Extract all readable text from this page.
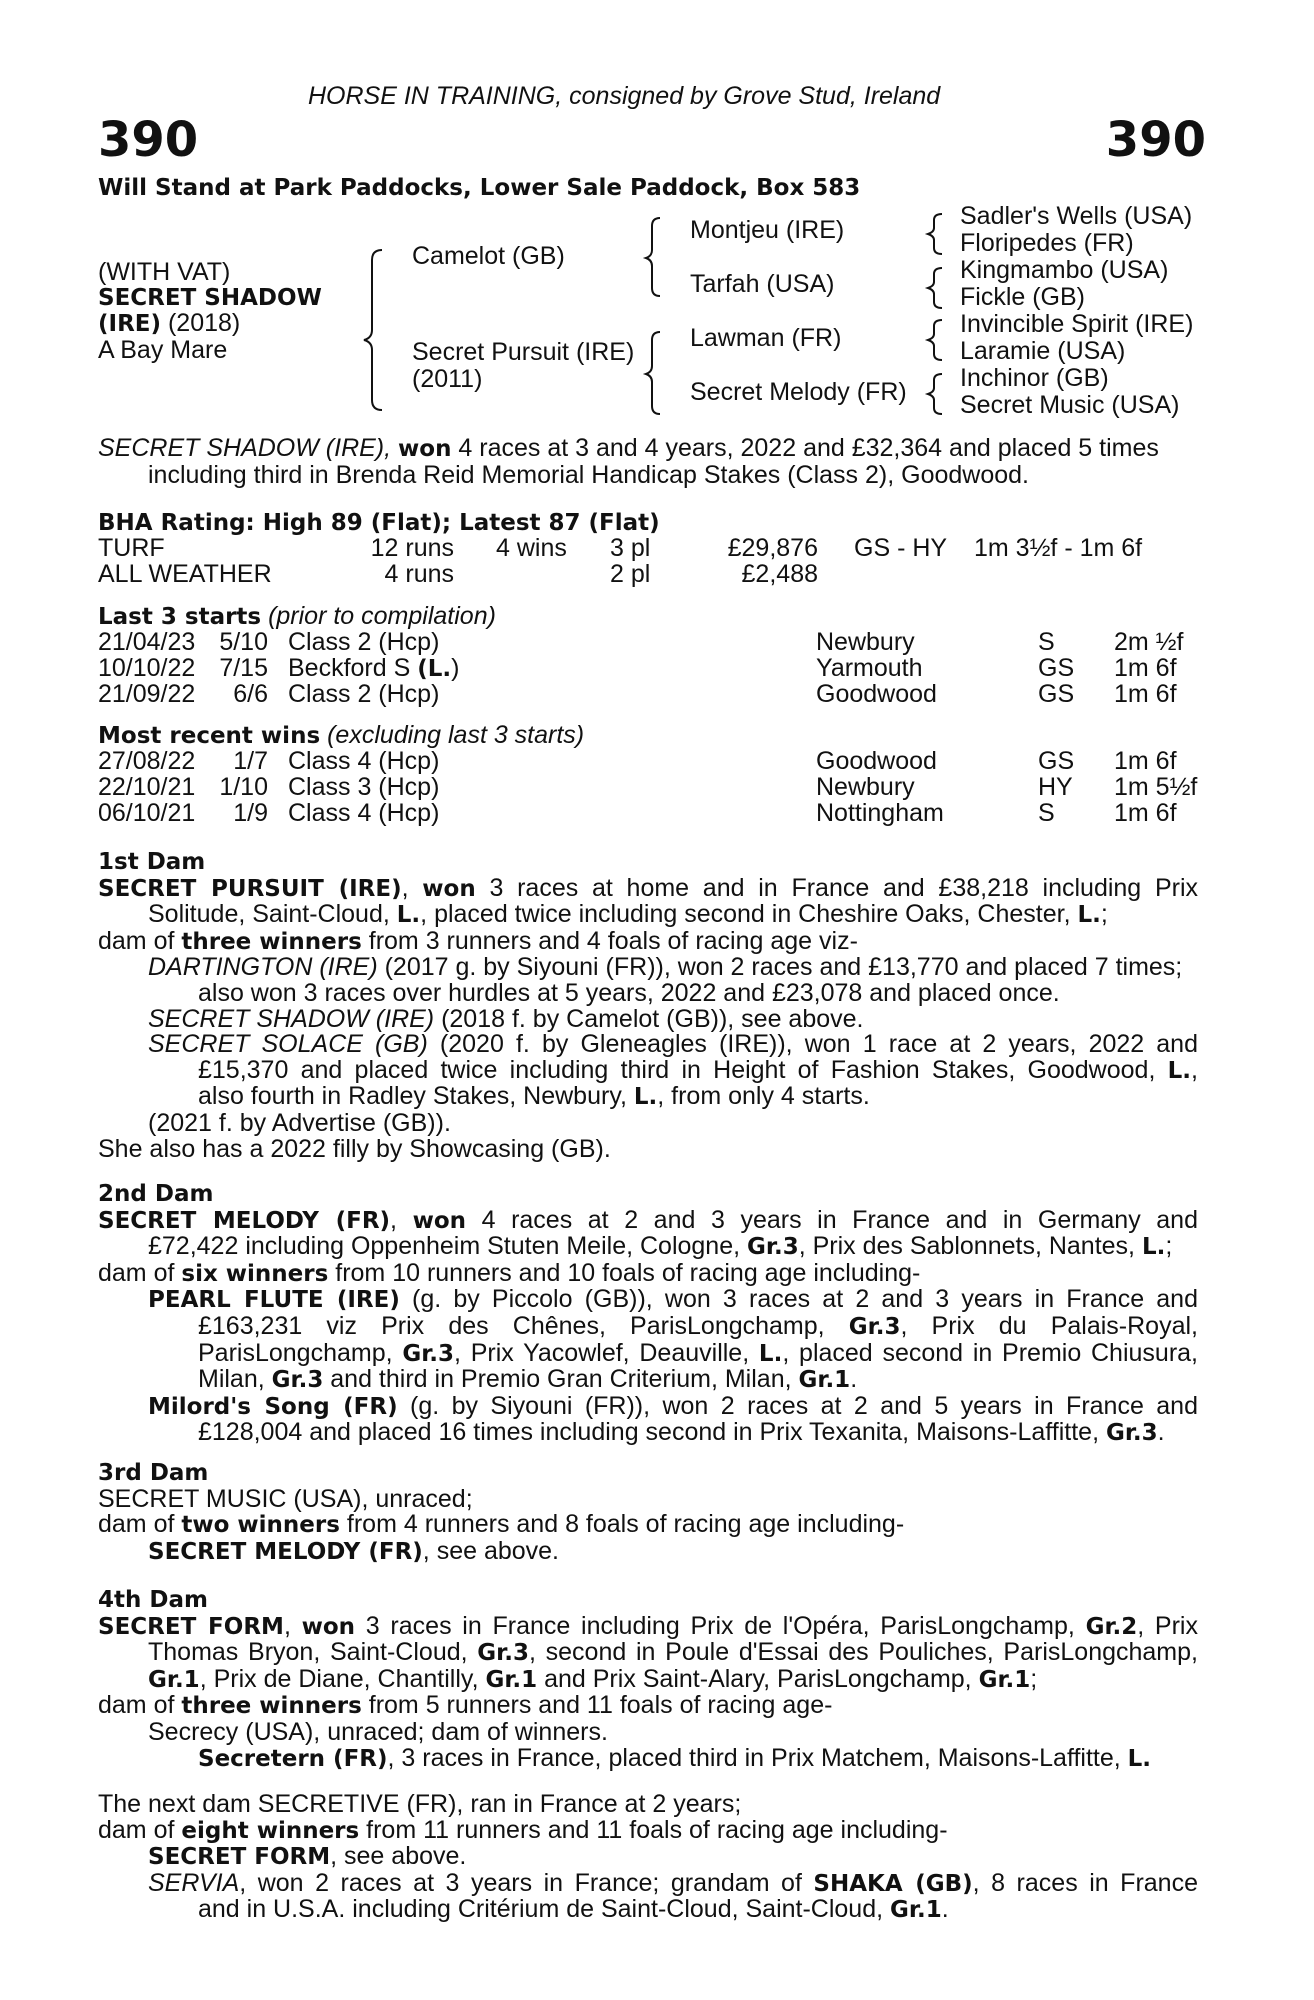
HORSE IN TRAINING, consigned by Grove Stud, Ireland
390	390
Will Stand at Park Paddocks, Lower Sale Paddock, Box 583
(WITH VAT)
SECRET SHADOW
(IRE) (2018)
A Bay Mare
Camelot (GB)
Secret Pursuit (IRE)
(2011)
Montjeu (IRE)
Tarfah (USA)
Lawman (FR)
Secret Melody (FR)
Sadler's Wells (USA)
Floripedes (FR)
Kingmambo (USA)
Fickle (GB)
Invincible Spirit (IRE)
Laramie (USA)
Inchinor (GB)
Secret Music (USA)
SECRET SHADOW (IRE), won 4 races at 3 and 4 years, 2022 and £32,364 and placed 5 times
including third in Brenda Reid Memorial Handicap Stakes (Class 2), Goodwood.
BHA Rating: High 89 (Flat); Latest 87 (Flat)
TURF	12 runs 4 wins 3 pl	£29,876 GS - HY 1m 3½f - 1m 6f
ALL WEATHER	4 runs	2 pl	£2,488
Last 3 starts (prior to compilation)
21/04/23 5/10 Class 2 (Hcp)	Newbury	S 2m ½f
10/10/22 7/15 Beckford S (L.)	Yarmouth	GS 1m 6f
21/09/22	6/6 Class 2 (Hcp)	Goodwood	GS 1m 6f
Most recent wins (excluding last 3 starts)
27/08/22	1/7 Class 4 (Hcp)	Goodwood	GS 1m 6f
22/10/21 1/10 Class 3 (Hcp)	Newbury	HY 1m 5½f
06/10/21	1/9 Class 4 (Hcp)	Nottingham	S 1m 6f
1st Dam
SECRET PURSUIT (IRE), won 3 races at home and in France and £38,218 including Prix
Solitude, Saint-Cloud, L., placed twice including second in Cheshire Oaks, Chester, L.;
dam of three winners from 3 runners and 4 foals of racing age viz-
DARTINGTON (IRE) (2017 g. by Siyouni (FR)), won 2 races and £13,770 and placed 7 times;
also won 3 races over hurdles at 5 years, 2022 and £23,078 and placed once.
SECRET SHADOW (IRE) (2018 f. by Camelot (GB)), see above.
SECRET SOLACE (GB) (2020 f. by Gleneagles (IRE)), won 1 race at 2 years, 2022 and
£15,370 and placed twice including third in Height of Fashion Stakes, Goodwood, L.,
also fourth in Radley Stakes, Newbury, L., from only 4 starts.
(2021 f. by Advertise (GB)).
She also has a 2022 filly by Showcasing (GB).
2nd Dam
SECRET MELODY (FR), won 4 races at 2 and 3 years in France and in Germany and
£72,422 including Oppenheim Stuten Meile, Cologne, Gr.3, Prix des Sablonnets, Nantes, L.;
dam of six winners from 10 runners and 10 foals of racing age including-
PEARL FLUTE (IRE) (g. by Piccolo (GB)), won 3 races at 2 and 3 years in France and
£163,231 viz Prix des Chênes, ParisLongchamp, Gr.3, Prix du Palais-Royal,
ParisLongchamp, Gr.3, Prix Yacowlef, Deauville, L., placed second in Premio Chiusura,
Milan, Gr.3 and third in Premio Gran Criterium, Milan, Gr.1.
Milord's Song (FR) (g. by Siyouni (FR)), won 2 races at 2 and 5 years in France and
£128,004 and placed 16 times including second in Prix Texanita, Maisons-Laffitte, Gr.3.
3rd Dam
SECRET MUSIC (USA), unraced;
dam of two winners from 4 runners and 8 foals of racing age including-
SECRET MELODY (FR), see above.
4th Dam
SECRET FORM, won 3 races in France including Prix de l'Opéra, ParisLongchamp, Gr.2, Prix
Thomas Bryon, Saint-Cloud, Gr.3, second in Poule d'Essai des Pouliches, ParisLongchamp,
Gr.1, Prix de Diane, Chantilly, Gr.1 and Prix Saint-Alary, ParisLongchamp, Gr.1;
dam of three winners from 5 runners and 11 foals of racing age-
Secrecy (USA), unraced; dam of winners.
Secretern (FR), 3 races in France, placed third in Prix Matchem, Maisons-Laffitte, L.
The next dam SECRETIVE (FR), ran in France at 2 years;
dam of eight winners from 11 runners and 11 foals of racing age including-
SECRET FORM, see above.
SERVIA, won 2 races at 3 years in France; grandam of SHAKA (GB), 8 races in France
and in U.S.A. including Critérium de Saint-Cloud, Saint-Cloud, Gr.1.
